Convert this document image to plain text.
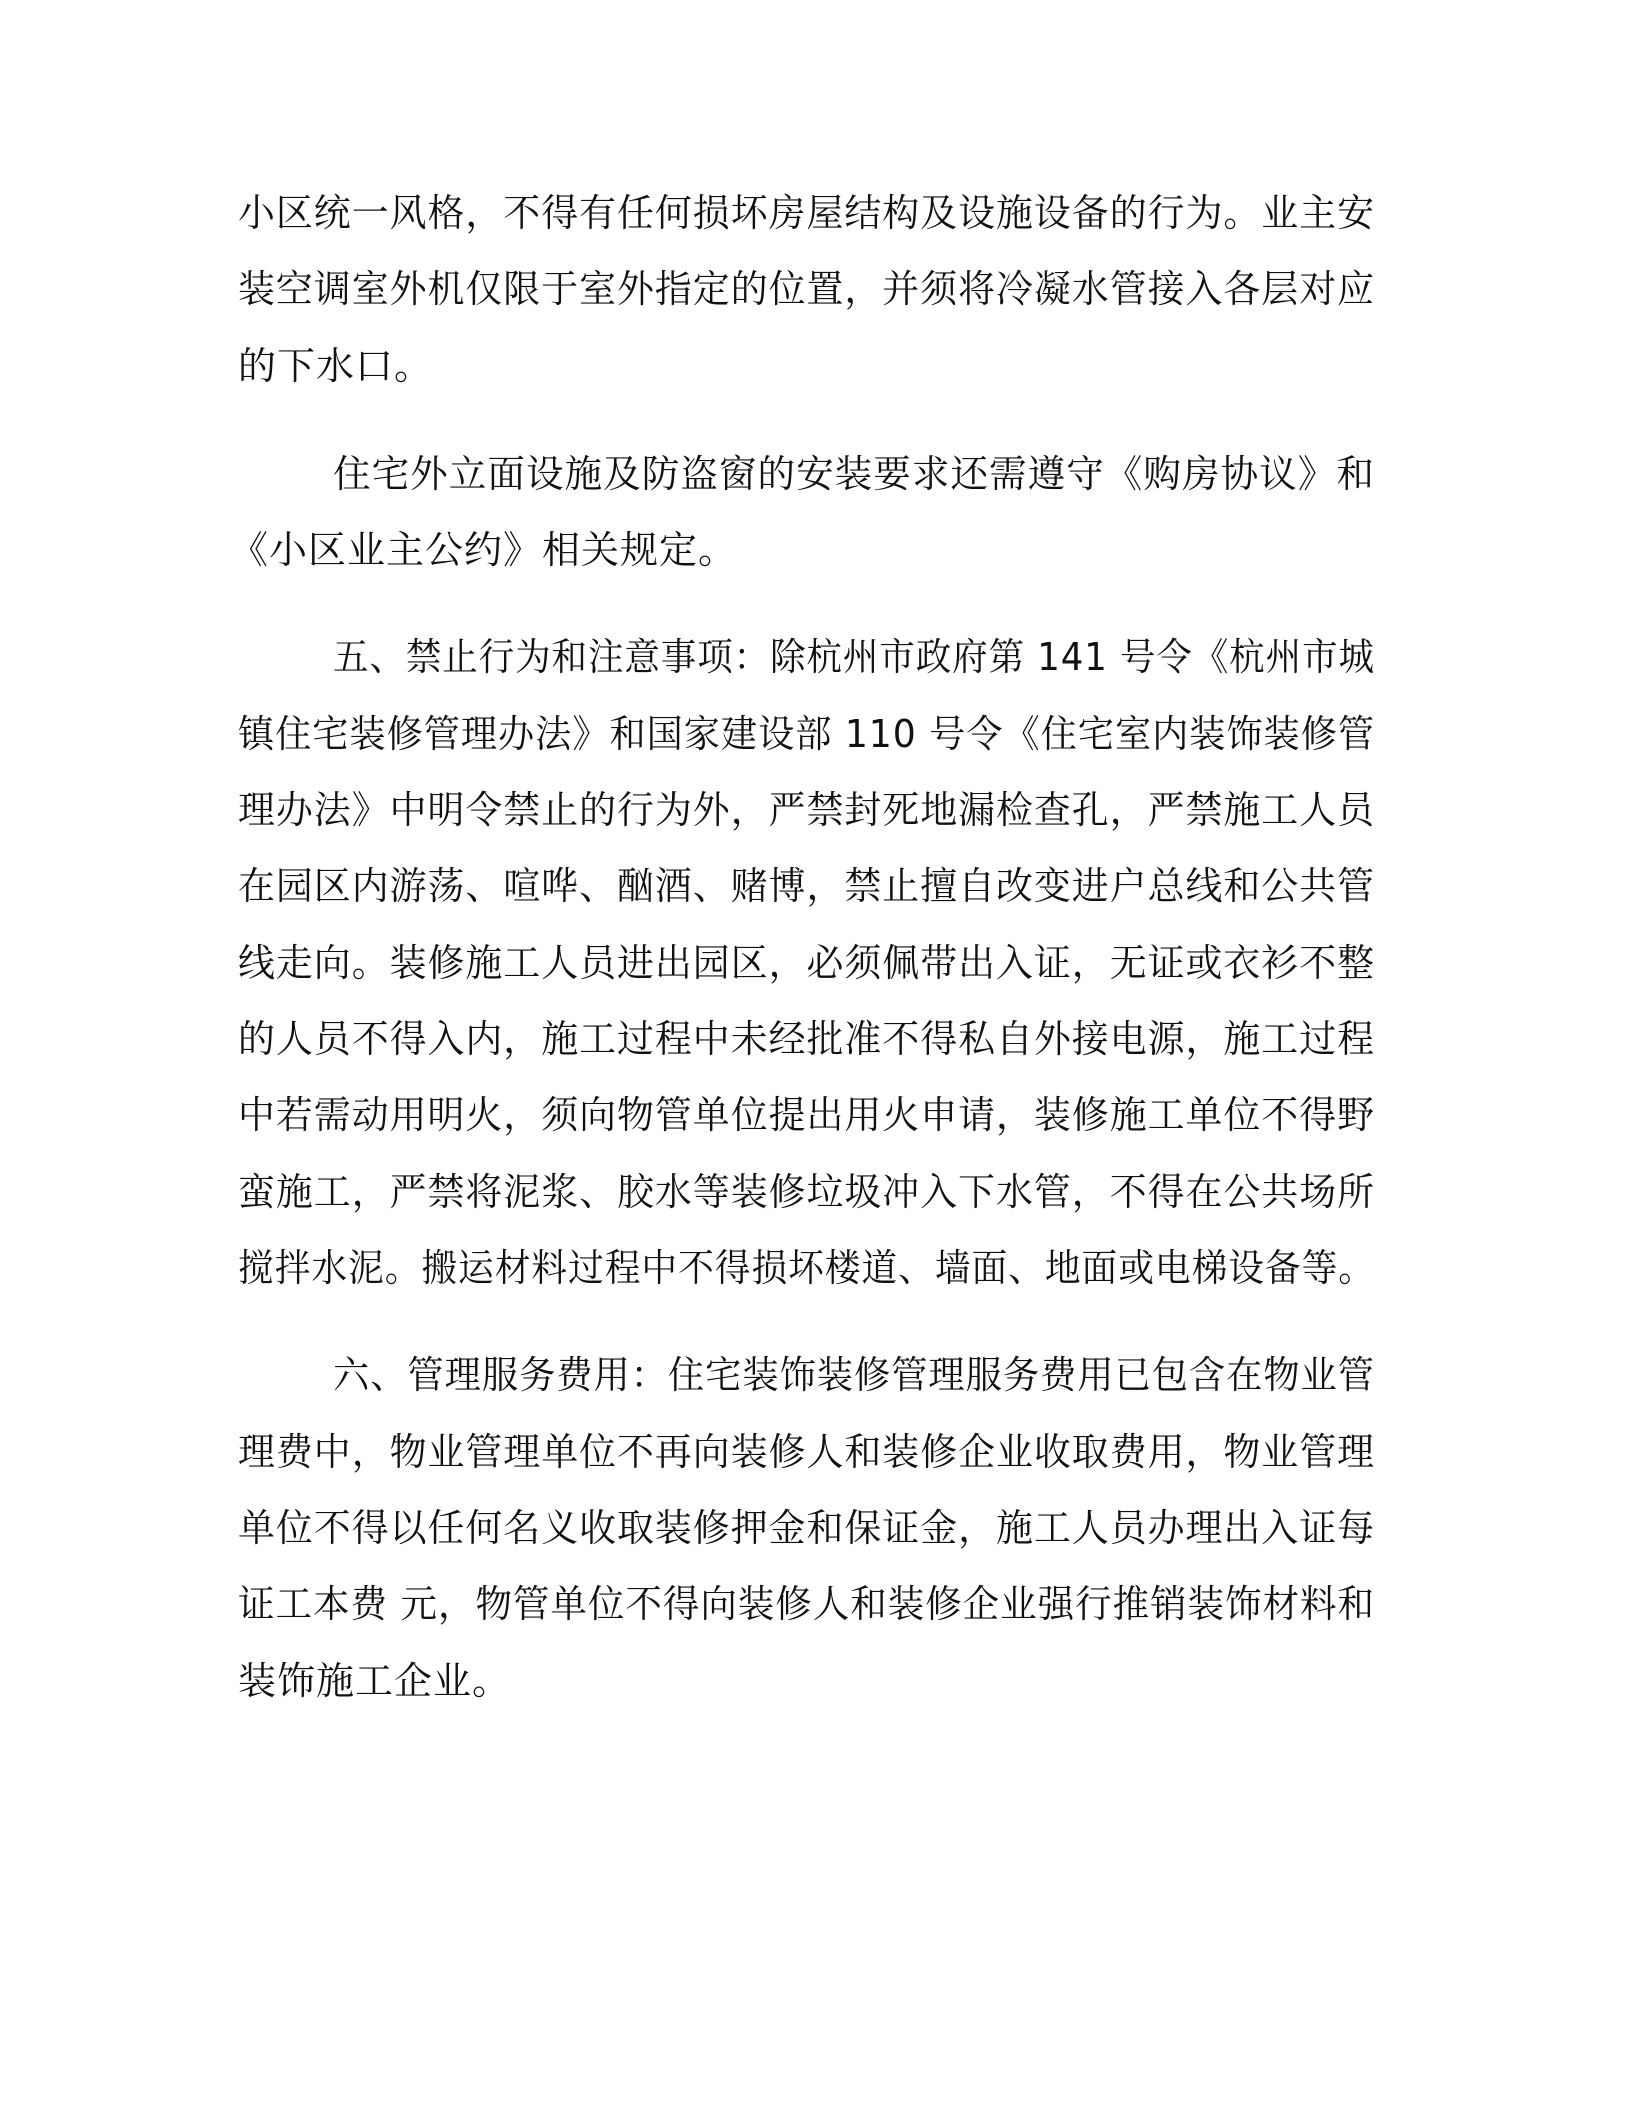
小区统一风格，不得有任何损坏房屋结构及设施设备的行为。业主安
装空调室外机仅限于室外指定的位置，并须将冷凝水管接入各层对应
的下水口。
住宅外立面设施及防盗窗的安装要求还需遵守《购房协议》和
《小区业主公约》相关规定。
五、禁止行为和注意事项：除杭州市政府第 141 号令《杭州市城
镇住宅装修管理办法》和国家建设部 110 号令《住宅室内装饰装修管
理办法》中明令禁止的行为外，严禁封死地漏检查孔，严禁施工人员
在园区内游荡、喧哗、酗酒、赌博，禁止擅自改变进户总线和公共管
线走向。装修施工人员进出园区，必须佩带出入证，无证或衣衫不整
的人员不得入内，施工过程中未经批准不得私自外接电源，施工过程
中若需动用明火，须向物管单位提出用火申请，装修施工单位不得野
蛮施工，严禁将泥浆、胶水等装修垃圾冲入下水管，不得在公共场所
搅拌水泥。搬运材料过程中不得损坏楼道、墙面、地面或电梯设备等。
六、管理服务费用：住宅装饰装修管理服务费用已包含在物业管
理费中，物业管理单位不再向装修人和装修企业收取费用，物业管理
单位不得以任何名义收取装修押金和保证金，施工人员办理出入证每
证工本费 元，物管单位不得向装修人和装修企业强行推销装饰材料和
装饰施工企业。
